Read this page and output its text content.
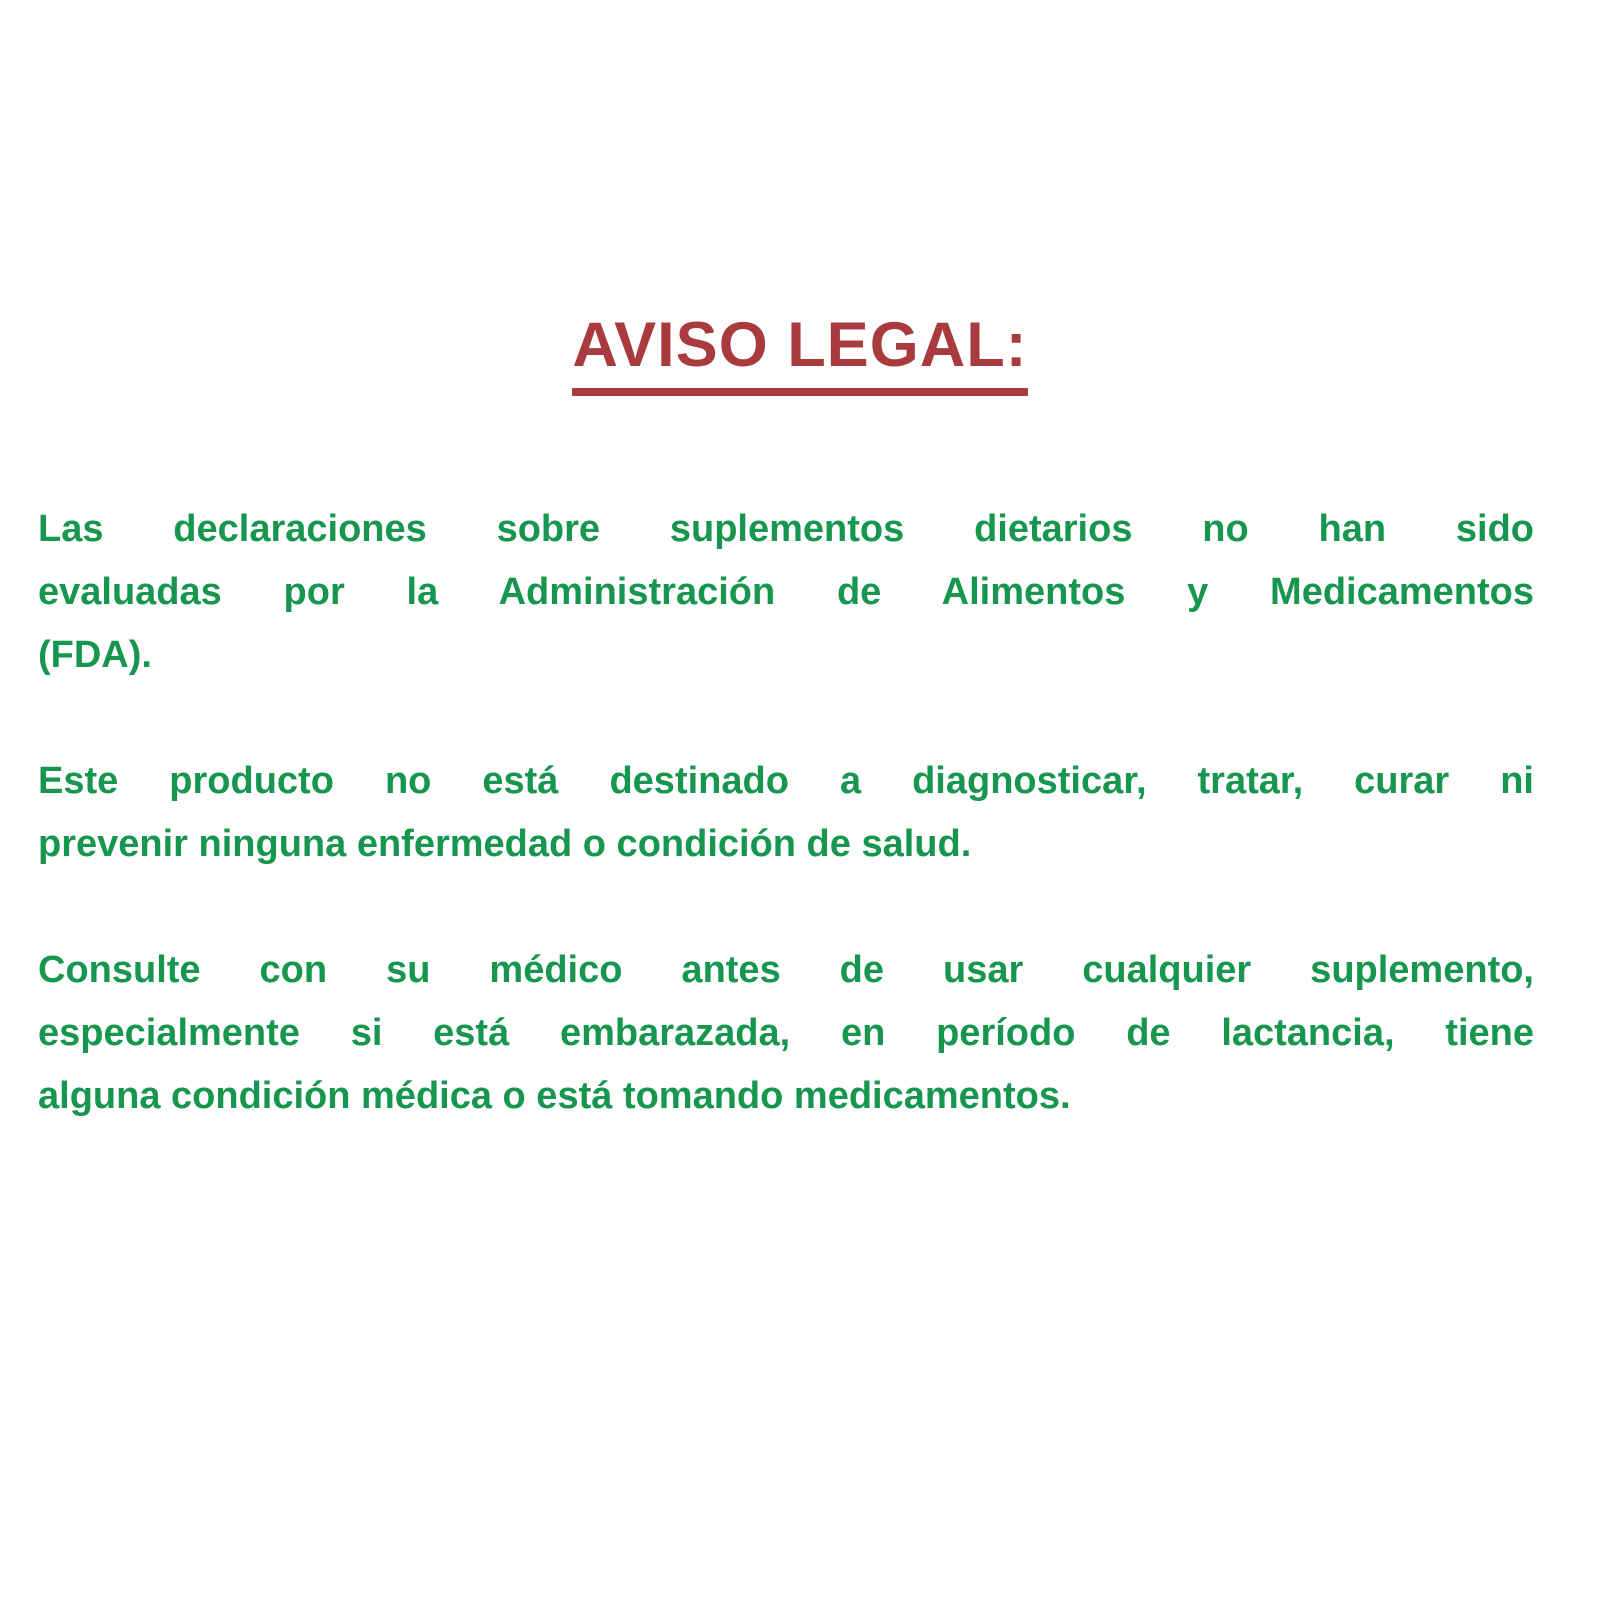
AVISO LEGAL:

Las declaraciones sobre suplementos dietarios no han sido
evaluadas por la Administración de Alimentos y Medicamentos
(FDA).

Este producto no está destinado a diagnosticar, tratar, curar ni
prevenir ninguna enfermedad o condición de salud.

Consulte con su médico antes de usar cualquier suplemento,
especialmente si está embarazada, en período de lactancia, tiene
alguna condición médica o está tomando medicamentos.
